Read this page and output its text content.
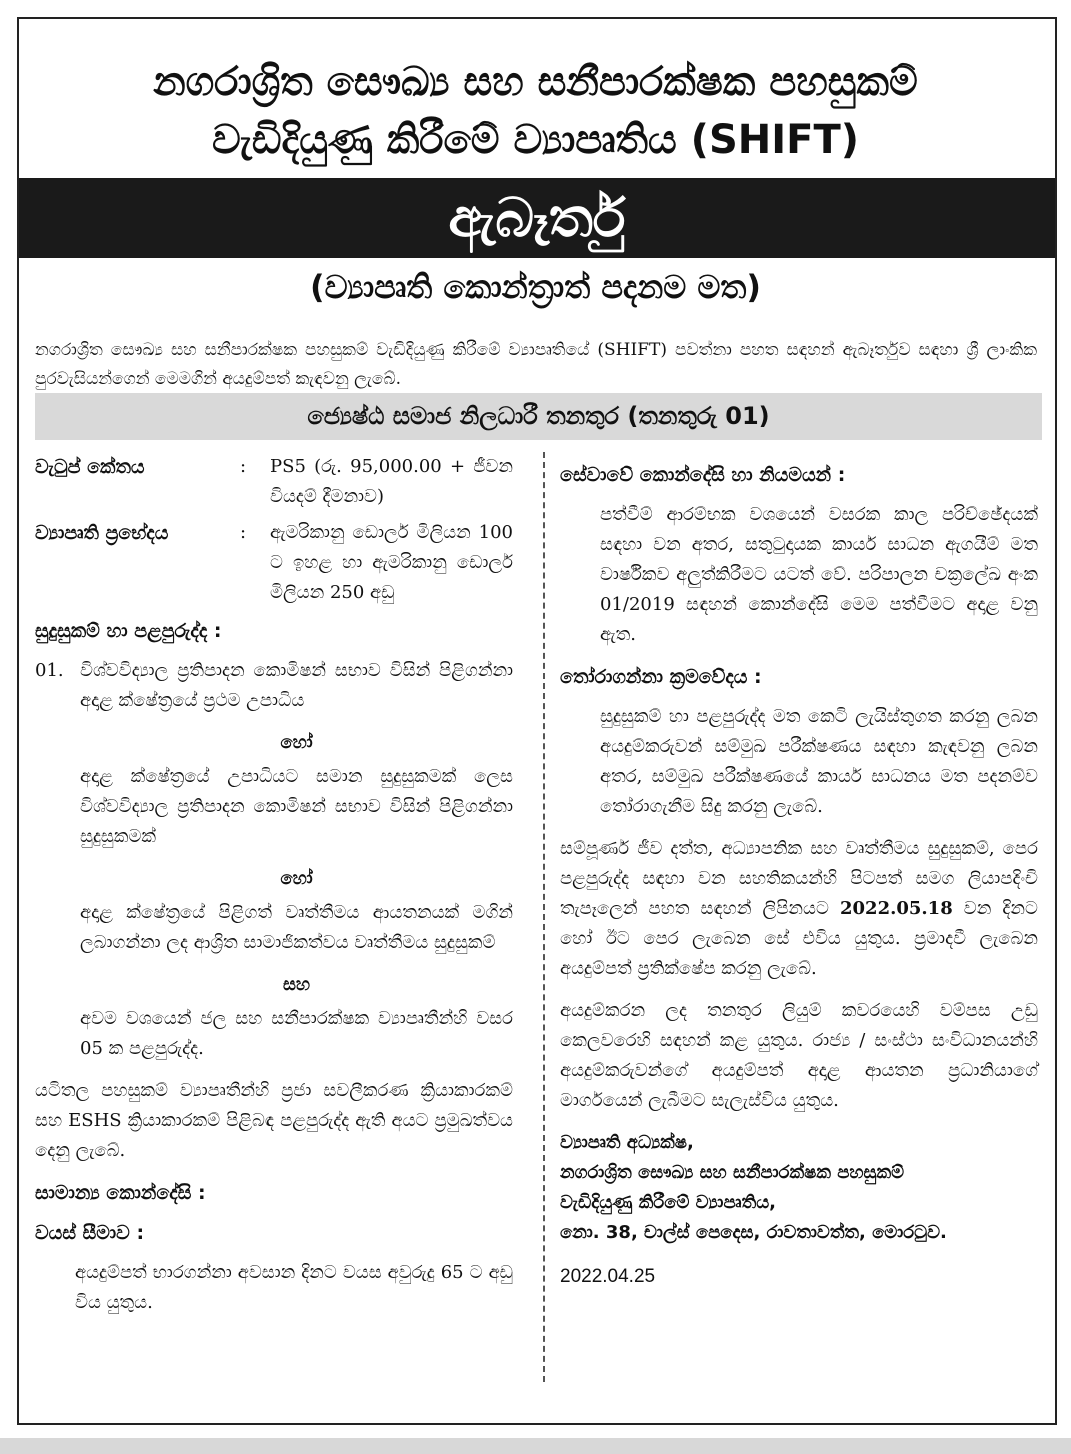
නගරාශ්‍රිත සෞඛ්‍ය සහ සනීපාරක්ෂක පහසුකම්
වැඩිදියුණු කිරීමේ ව්‍යාපෘතිය (SHIFT)
ඇබෑර්තු
(ව්‍යාපෘති කොන්ත්‍රාත් පදනම මත)
නගරාශ්‍රිත සෞඛ්‍ය සහ සනීපාරක්ෂක පහසුකම් වැඩිදියුණු කිරීමේ ව්‍යාපෘතියේ (SHIFT) පවත්නා පහත සඳහන් ඇබෑර්තුව සඳහා ශ්‍රී ලාංකික පුරවැසියන්ගෙන් මෙමගින් අයදුම්පත් කැඳවනු ලැබේ.
ජ්‍යෙෂ්ඨ සමාජ නිලධාරී තනතුර (තනතුරු 01)
වැටුප් කේතය	:	PS5 (රු. 95,000.00 + ජීවන වියදම් දීමනාව)
ව්‍යාපෘති ප්‍රභේදය	:	ඇමරිකානු ඩොලර් මිලියන 100 ට ඉහළ හා ඇමරිකානු ඩොලර් මිලියන 250 අඩු
සුදුසුකම් හා පළපුරුද්ද :
01. විශ්වවිද්‍යාල ප්‍රතිපාදන කොමිෂන් සභාව විසින් පිළිගන්නා අදාළ ක්ෂේත්‍රයේ ප්‍රථම උපාධිය
හෝ
අදාළ ක්ෂේත්‍රයේ උපාධියට සමාන සුදුසුකමක් ලෙස විශ්වවිද්‍යාල ප්‍රතිපාදන කොමිෂන් සභාව විසින් පිළිගන්නා සුදුසුකමක්
හෝ
අදාළ ක්ෂේත්‍රයේ පිළිගත් වෘත්තීමය ආයතනයක් මගින් ලබාගන්නා ලද ආශ්‍රිත සාමාජිකත්වය වෘත්තීමය සුදුසුකම්
සහ
අවම වශයෙන් ජල සහ සනීපාරක්ෂක ව්‍යාපෘතීන්හි වසර 05 ක පළපුරුද්ද.
යටිතල පහසුකම් ව්‍යාපෘතීන්හි ප්‍රජා සවලීකරණ ක්‍රියාකාරකම් සහ ESHS ක්‍රියාකාරකම් පිළිබඳ පළපුරුද්ද ඇති අයට ප්‍රමුඛත්වය දෙනු ලැබේ.
සාමාන්‍ය කොන්දේසි :
වයස් සීමාව :
අයදුම්පත් භාරගන්නා අවසාන දිනට වයස අවුරුදු 65 ට අඩු විය යුතුය.
සේවාවේ කොන්දේසි හා නියමයන් :
පත්වීම් ආරම්භක වශයෙන් වසරක කාල පරිච්ඡේදයක් සඳහා වන අතර, සතුටුදායක කාර්ය සාධන ඇගයීම් මත වාර්ෂිකව අලුත්කිරීමට යටත් වේ. පරිපාලන චක්‍රලේඛ අංක 01/2019 සඳහන් කොන්දේසි මෙම පත්වීමට අදාළ වනු ඇත.
තෝරාගන්නා ක්‍රමවේදය :
සුදුසුකම් හා පළපුරුද්ද මත කෙටි ලැයිස්තුගත කරනු ලබන අයදුම්කරුවන් සම්මුඛ පරීක්ෂණය සඳහා කැඳවනු ලබන අතර, සම්මුඛ පරීක්ෂණයේ කාර්ය සාධනය මත පදනම්ව තෝරාගැනීම සිදු කරනු ලැබේ.
සම්පූර්ණ ජීව දත්ත, අධ්‍යාපනික සහ වෘත්තීමය සුදුසුකම්, පෙර පළපුරුද්ද සඳහා වන සහතිකයන්හි පිටපත් සමග ලියාපදිංචි තැපෑලෙන් පහත සඳහන් ලිපිනයට 2022.05.18 වන දිනට හෝ ඊට පෙර ලැබෙන සේ එවිය යුතුය. ප්‍රමාදවී ලැබෙන අයදුම්පත් ප්‍රතික්ෂේප කරනු ලැබේ.
අයදුම්කරන ලද තනතුර ලියුම් කවරයෙහි වම්පස උඩු කෙලවරෙහි සඳහන් කළ යුතුය. රාජ්‍ය / සංස්ථා සංවිධානයන්හි අයදුම්කරුවන්ගේ අයදුම්පත් අදාළ ආයතන ප්‍රධානියාගේ මාර්ගයෙන් ලැබීමට සැලැස්විය යුතුය.
ව්‍යාපෘති අධ්‍යක්ෂ,
නගරාශ්‍රිත සෞඛ්‍ය සහ සනීපාරක්ෂක පහසුකම්
වැඩිදියුණු කිරීමේ ව්‍යාපෘතිය,
නො. 38, චාල්ස් පෙදෙස, රාවතාවත්ත, මොරටුව.
2022.04.25
